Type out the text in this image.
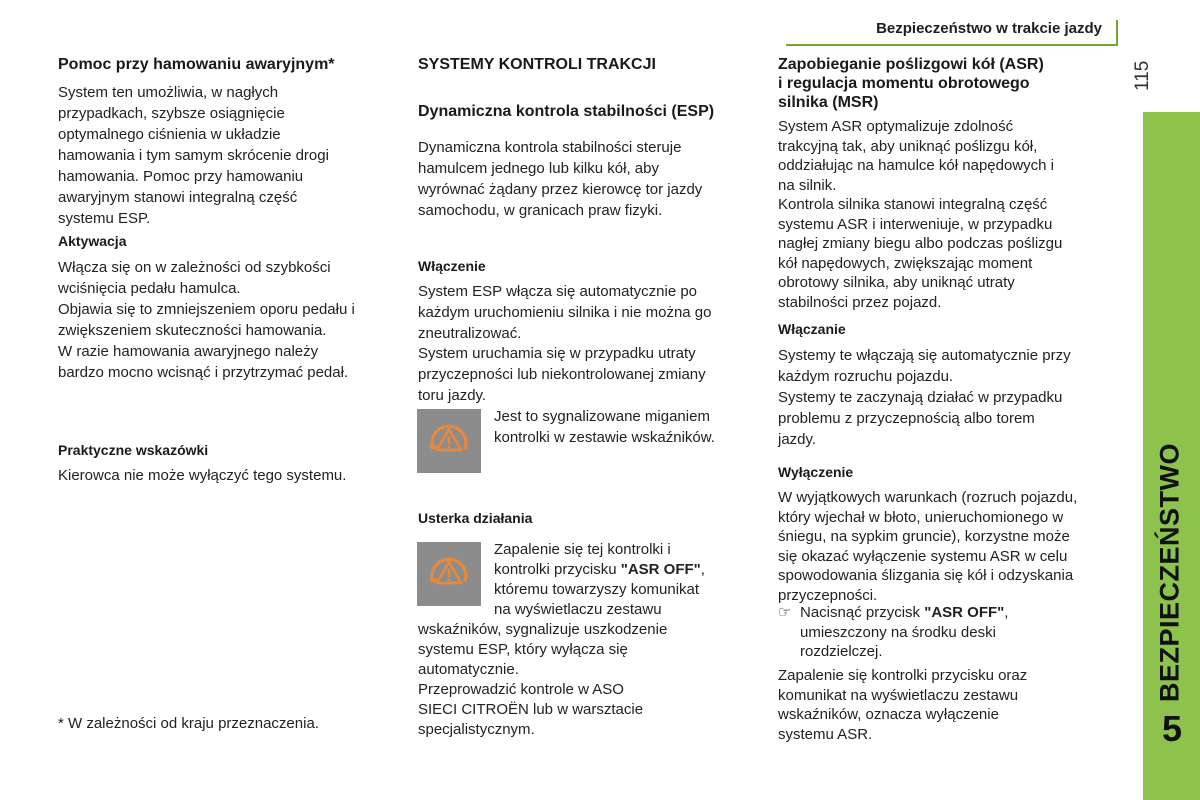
Bezpieczeństwo w trakcie jazdy
115
BEZPIECZEŃSTWO
5
Pomoc przy hamowaniu awaryjnym*
System ten umożliwia, w nagłych
przypadkach, szybsze osiągnięcie
optymalnego ciśnienia w układzie
hamowania i tym samym skrócenie drogi
hamowania. Pomoc przy hamowaniu
awaryjnym stanowi integralną część
systemu ESP.
Aktywacja
Włącza się on w zależności od szybkości
wciśnięcia pedału hamulca.
Objawia się to zmniejszeniem oporu pedału i
zwiększeniem skuteczności hamowania.
W razie hamowania awaryjnego należy
bardzo mocno wcisnąć i przytrzymać pedał.
Praktyczne wskazówki
Kierowca nie może wyłączyć tego systemu.
* W zależności od kraju przeznaczenia.
SYSTEMY KONTROLI TRAKCJI
Dynamiczna kontrola stabilności (ESP)
Dynamiczna kontrola stabilności steruje
hamulcem jednego lub kilku kół, aby
wyrównać żądany przez kierowcę tor jazdy
samochodu, w granicach praw fizyki.
Włączenie
System ESP włącza się automatycznie po
każdym uruchomieniu silnika i nie można go
zneutralizować.
System uruchamia się w przypadku utraty
przyczepności lub niekontrolowanej zmiany
toru jazdy.
Jest to sygnalizowane miganiem
kontrolki w zestawie wskaźników.
Usterka działania
Zapalenie się tej kontrolki i
kontrolki przycisku "ASR OFF",
któremu towarzyszy komunikat
na wyświetlaczu zestawu
wskaźników, sygnalizuje uszkodzenie
systemu ESP, który wyłącza się
automatycznie.
Przeprowadzić kontrole w ASO
SIECI CITROËN lub w warsztacie
specjalistycznym.
Zapobieganie poślizgowi kół (ASR)
i regulacja momentu obrotowego
silnika (MSR)
System ASR optymalizuje zdolność
trakcyjną tak, aby uniknąć poślizgu kół,
oddziałując na hamulce kół napędowych i
na silnik.
Kontrola silnika stanowi integralną część
systemu ASR i interweniuje, w przypadku
nagłej zmiany biegu albo podczas poślizgu
kół napędowych, zwiększając moment
obrotowy silnika, aby uniknąć utraty
stabilności przez pojazd.
Włączanie
Systemy te włączają się automatycznie przy
każdym rozruchu pojazdu.
Systemy te zaczynają działać w przypadku
problemu z przyczepnością albo torem
jazdy.
Wyłączenie
W wyjątkowych warunkach (rozruch pojazdu,
który wjechał w błoto, unieruchomionego w
śniegu, na sypkim gruncie), korzystne może
się okazać wyłączenie systemu ASR w celu
spowodowania ślizgania się kół i odzyskania
przyczepności.
☞ Nacisnąć przycisk "ASR OFF",
umieszczony na środku deski
rozdzielczej.
Zapalenie się kontrolki przycisku oraz
komunikat na wyświetlaczu zestawu
wskaźników, oznacza wyłączenie
systemu ASR.
